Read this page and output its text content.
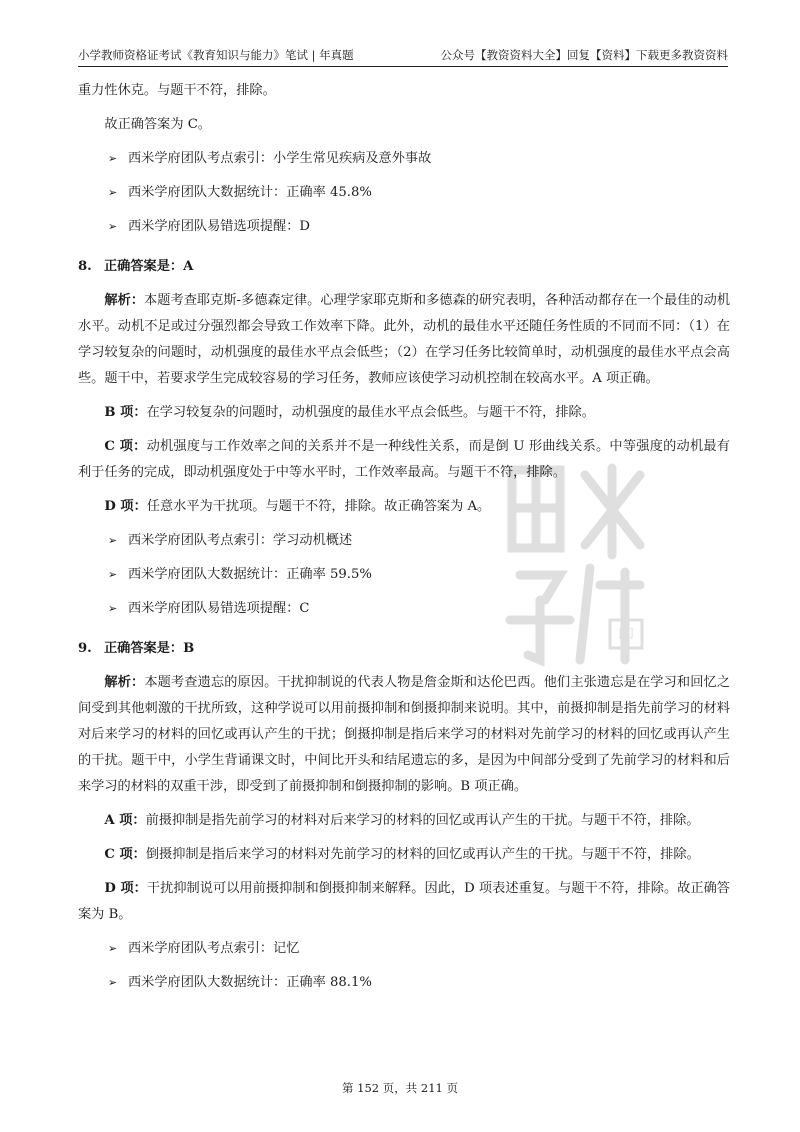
小学教师资格证考试《教育知识与能力》笔试 | 年真题	公众号【教资资料大全】回复【资料】下载更多教资资料

重力性休克。与题干不符，排除。

故正确答案为 C。

➢ 西米学府团队考点索引：小学生常见疾病及意外事故
➢ 西米学府团队大数据统计：正确率 45.8%
➢ 西米学府团队易错选项提醒：D
8. 正确答案是：A

解析：本题考查耶克斯-多德森定律。心理学家耶克斯和多德森的研究表明，各种活动都存在一个最佳的动机水平。动机不足或过分强烈都会导致工作效率下降。此外，动机的最佳水平还随任务性质的不同而不同：（1）在学习较复杂的问题时，动机强度的最佳水平点会低些；（2）在学习任务比较简单时，动机强度的最佳水平点会高些。题干中，若要求学生完成较容易的学习任务，教师应该使学习动机控制在较高水平。A 项正确。

B 项：在学习较复杂的问题时，动机强度的最佳水平点会低些。与题干不符，排除。

C 项：动机强度与工作效率之间的关系并不是一种线性关系，而是倒 U 形曲线关系。中等强度的动机最有利于任务的完成，即动机强度处于中等水平时，工作效率最高。与题干不符，排除。

D 项：任意水平为干扰项。与题干不符，排除。故正确答案为 A。

➢ 西米学府团队考点索引：学习动机概述
➢ 西米学府团队大数据统计：正确率 59.5%
➢ 西米学府团队易错选项提醒：C
9. 正确答案是：B

解析：本题考查遗忘的原因。干扰抑制说的代表人物是詹金斯和达伦巴西。他们主张遗忘是在学习和回忆之间受到其他刺激的干扰所致，这种学说可以用前摄抑制和倒摄抑制来说明。其中，前摄抑制是指先前学习的材料对后来学习的材料的回忆或再认产生的干扰；倒摄抑制是指后来学习的材料对先前学习的材料的回忆或再认产生的干扰。题干中，小学生背诵课文时，中间比开头和结尾遗忘的多，是因为中间部分受到了先前学习的材料和后来学习的材料的双重干涉，即受到了前摄抑制和倒摄抑制的影响。B 项正确。

A 项：前摄抑制是指先前学习的材料对后来学习的材料的回忆或再认产生的干扰。与题干不符，排除。

C 项：倒摄抑制是指后来学习的材料对先前学习的材料的回忆或再认产生的干扰。与题干不符，排除。

D 项：干扰抑制说可以用前摄抑制和倒摄抑制来解释。因此，D 项表述重复。与题干不符，排除。故正确答案为 B。

➢ 西米学府团队考点索引：记忆
➢ 西米学府团队大数据统计：正确率 88.1%
印
第 152 页，共 211 页
